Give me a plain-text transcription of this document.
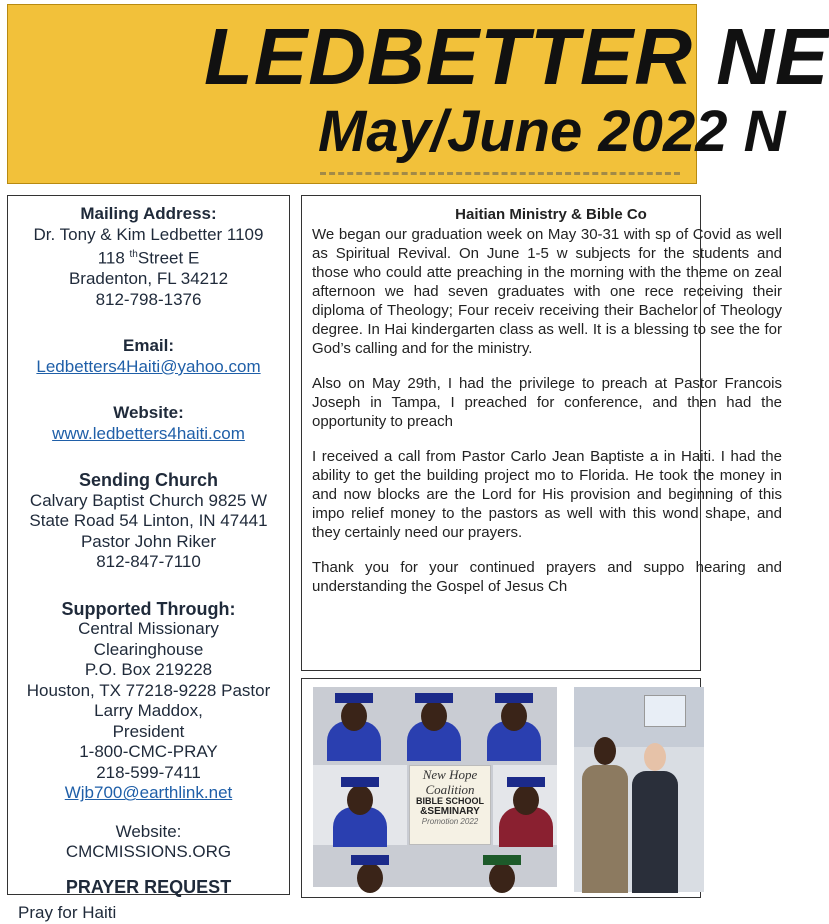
LEDBETTER NE
May/June 2022 N
Mailing Address:
Dr. Tony & Kim Ledbetter 1109
118 $^{th}$Street E
Bradenton, FL 34212
812-798-1376
Email:
Ledbetters4Haiti@yahoo.com
Website:
www.ledbetters4haiti.com
Sending Church
Calvary Baptist Church 9825 W
State Road 54 Linton, IN 47441
Pastor John Riker
812-847-7110
Supported Through:
Central Missionary
Clearinghouse
P.O. Box 219228
Houston, TX 77218-9228 Pastor
Larry Maddox,
President
1-800-CMC-PRAY
218-599-7411
Wjb700@earthlink.net
Website:
CMCMISSIONS.ORG
PRAYER REQUEST
Pray for Haiti
Haitian Ministry & Bible Co

We began our graduation week on May 30-31 with sp of Covid as well as Spiritual Revival. On June 1-5 w subjects for the students and those who could atte preaching in the morning with the theme on zeal afternoon we had seven graduates with one rece receiving their diploma of Theology; Four receiv receiving their Bachelor of Theology degree. In Hai kindergarten class as well. It is a blessing to see the for God’s calling and for the ministry.

Also on May 29th, I had the privilege to preach at Pastor Francois Joseph in Tampa, I preached for conference, and then had the opportunity to preach

I received a call from Pastor Carlo Jean Baptiste a in Haiti. I had the ability to get the building project mo to Florida. He took the money in and now blocks are the Lord for His provision and beginning of this impo relief money to the pastors as well with this wond shape, and they certainly need our prayers.

Thank you for your continued prayers and suppo hearing and understanding the Gospel of Jesus Ch

New Hope
Coalition
BIBLE SCHOOL
&SEMINARY
Promotion 2022
